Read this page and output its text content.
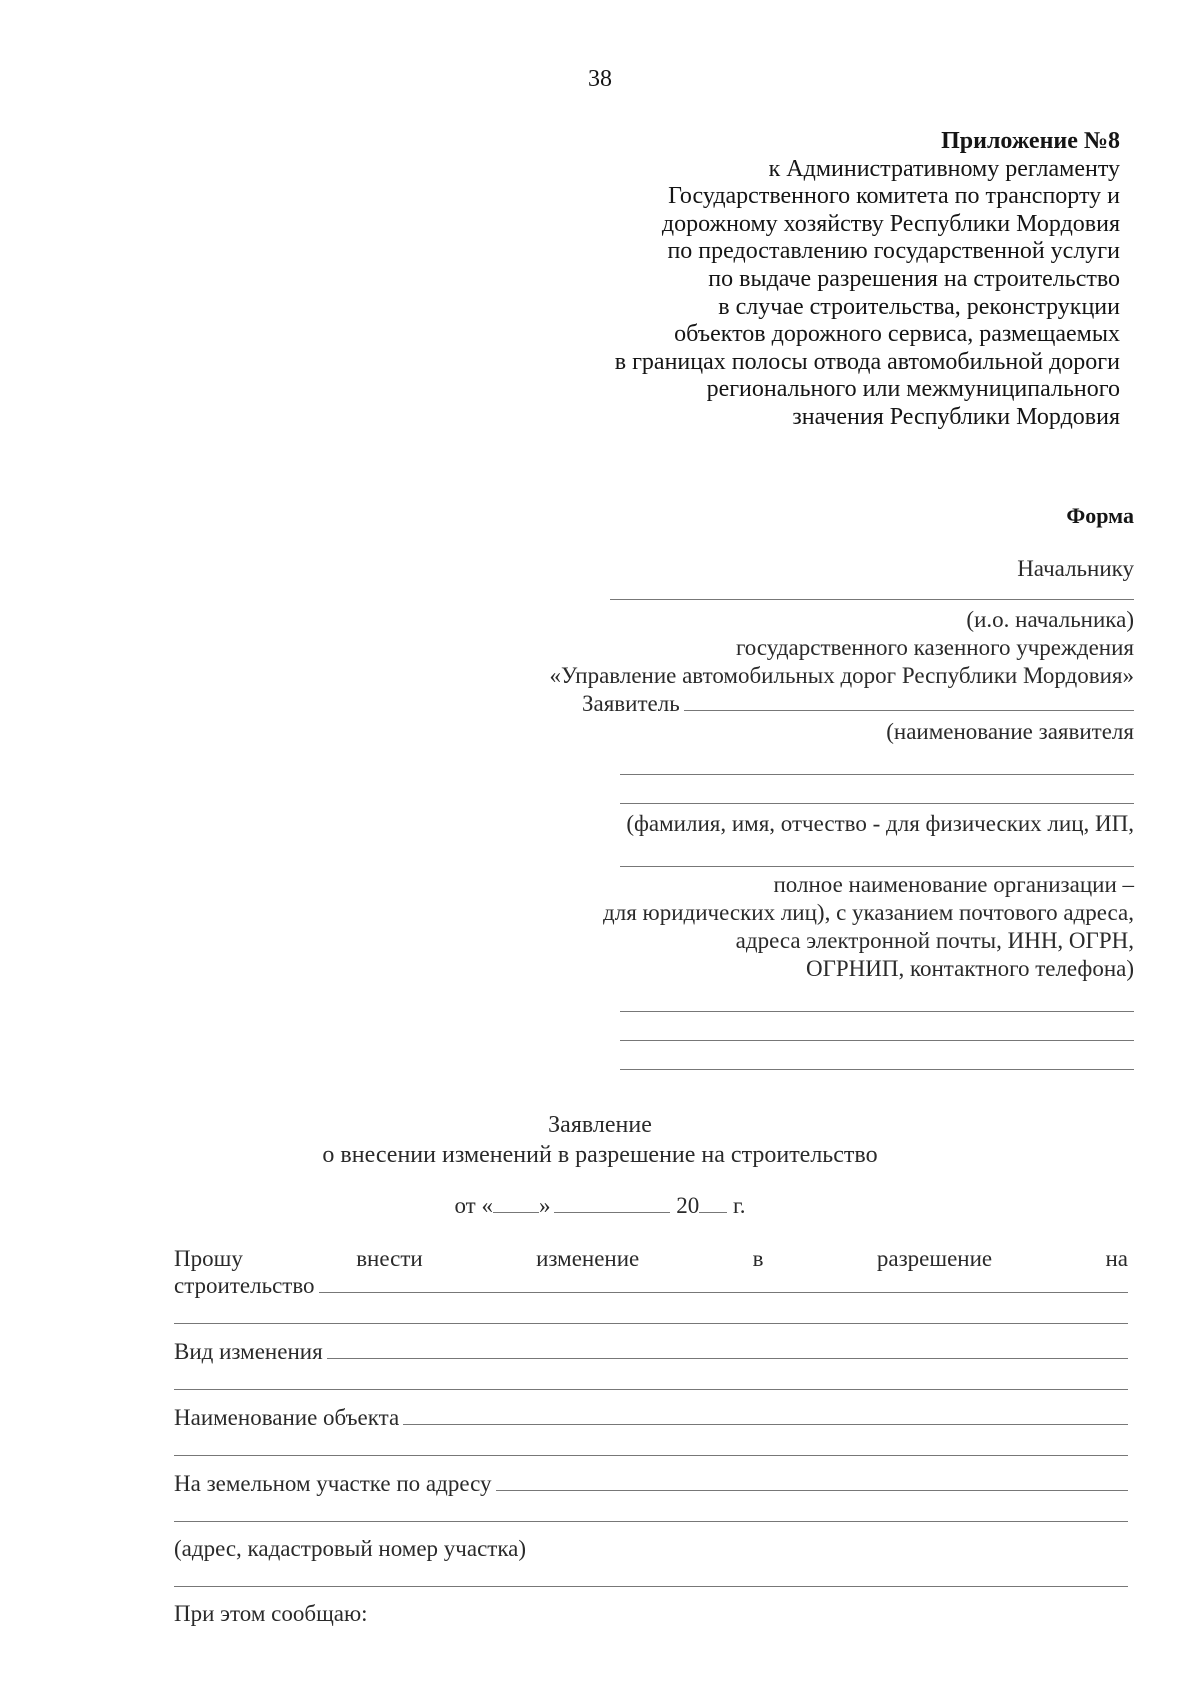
38
Приложение №8
к Административному регламенту
Государственного комитета по транспорту и
дорожному хозяйству Республики Мордовия
по предоставлению государственной услуги
по выдаче разрешения на строительство
в случае строительства, реконструкции
объектов дорожного сервиса, размещаемых
в границах полосы отвода автомобильной дороги
регионального или межмуниципального
значения Республики Мордовия
Форма
Начальнику
(и.о. начальника)
государственного казенного учреждения
«Управление автомобильных дорог Республики Мордовия»
Заявитель
(наименование заявителя
(фамилия, имя, отчество - для физических лиц, ИП,
полное наименование организации –
для юридических лиц), с указанием почтового адреса,
адреса электронной почты, ИНН, ОГРН,
ОГРНИП, контактного телефона)
Заявление
о внесении изменений в разрешение на строительство
от « »	20 г.
Прошу	внести	изменение	в	разрешение	на
строительство
Вид изменения
Наименование объекта
На земельном участке по адресу
(адрес, кадастровый номер участка)
При этом сообщаю:
